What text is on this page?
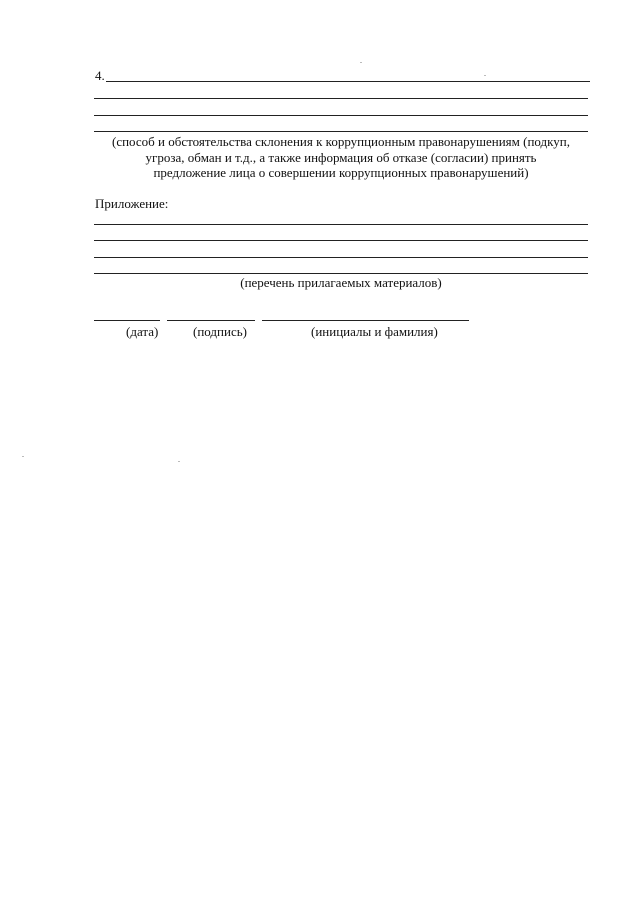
4.
(способ и обстоятельства склонения к коррупционным правонарушениям (подкуп,
угроза, обман и т.д., а также информация об отказе (согласии) принять
предложение лица о совершении коррупционных правонарушений)
Приложение:
(перечень прилагаемых материалов)
(дата)	(подпись)	(инициалы и фамилия)
